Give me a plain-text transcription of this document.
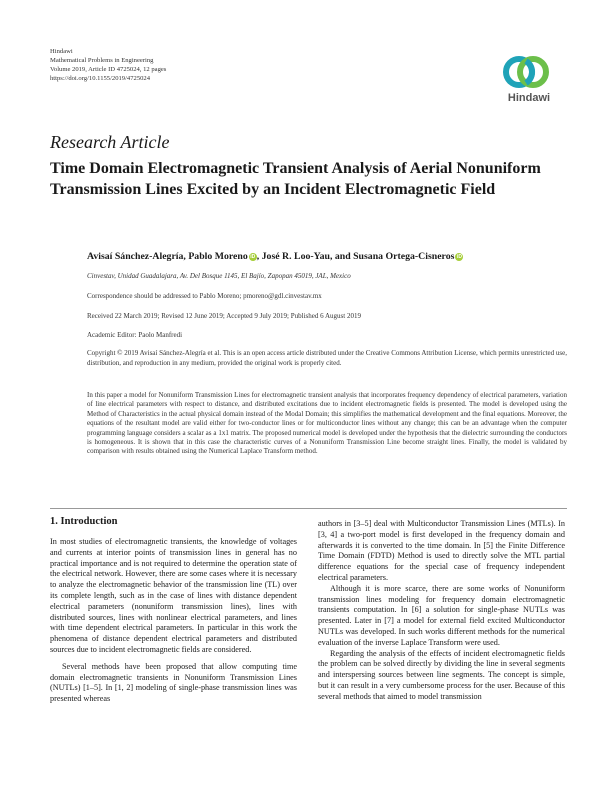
Hindawi
Mathematical Problems in Engineering
Volume 2019, Article ID 4725024, 12 pages
https://doi.org/10.1155/2019/4725024
Hindawi
Research Article
Time Domain Electromagnetic Transient Analysis of Aerial Nonuniform Transmission Lines Excited by an Incident Electromagnetic Field
Avisaí Sánchez-Alegría, Pablo Moreno iD , José R. Loo-Yau, and Susana Ortega-Cisneros iD
Cinvestav, Unidad Guadalajara, Av. Del Bosque 1145, El Bajío, Zapopan 45019, JAL, Mexico
Correspondence should be addressed to Pablo Moreno; pmoreno@gdl.cinvestav.mx
Received 22 March 2019; Revised 12 June 2019; Accepted 9 July 2019; Published 6 August 2019
Academic Editor: Paolo Manfredi
Copyright © 2019 Avisaí Sánchez-Alegría et al. This is an open access article distributed under the Creative Commons Attribution License, which permits unrestricted use, distribution, and reproduction in any medium, provided the original work is properly cited.
In this paper a model for Nonuniform Transmission Lines for electromagnetic transient analysis that incorporates frequency dependency of electrical parameters, variation of line electrical parameters with respect to distance, and distributed excitations due to incident electromagnetic fields is presented. The model is developed using the Method of Characteristics in the actual physical domain instead of the Modal Domain; this simplifies the mathematical development and the final equations. Moreover, the equations of the resultant model are valid either for two-conductor lines or for multiconductor lines without any change; this can be an advantage when the computer programming language considers a scalar as a 1x1 matrix. The proposed numerical model is developed under the hypothesis that the dielectric surrounding the conductors is homogeneous. It is shown that in this case the characteristic curves of a Nonuniform Transmission Line become straight lines. Finally, the model is validated by comparison with results obtained using the Numerical Laplace Transform method.
1. Introduction

In most studies of electromagnetic transients, the knowledge of voltages and currents at interior points of transmission lines in general has no practical importance and is not required to determine the operation state of the electrical network. However, there are some cases where it is necessary to analyze the electromagnetic behavior of the transmission line (TL) over its complete length, such as in the case of lines with distance dependent electrical parameters (nonuniform transmission lines), lines with distributed sources, lines with nonlinear electrical parameters, and lines with time dependent electrical parameters. In particular in this work the phenomena of distance dependent electrical parameters and distributed sources due to incident electromagnetic fields are considered.

Several methods have been proposed that allow computing time domain electromagnetic transients in Nonuniform Transmission Lines (NUTLs) [1–5]. In [1, 2] modeling of single-phase transmission lines was presented whereas

authors in [3–5] deal with Multiconductor Transmission Lines (MTLs). In [3, 4] a two-port model is first developed in the frequency domain and afterwards it is converted to the time domain. In [5] the Finite Difference Time Domain (FDTD) Method is used to directly solve the MTL partial difference equations for the special case of frequency independent electrical parameters.

Although it is more scarce, there are some works of Nonuniform transmission lines modeling for frequency domain electromagnetic transients computation. In [6] a solution for single-phase NUTLs was presented. Later in [7] a model for external field excited Multiconductor NUTLs was developed. In such works different methods for the numerical evaluation of the inverse Laplace Transform were used.

Regarding the analysis of the effects of incident electromagnetic fields the problem can be solved directly by dividing the line in several segments and interspersing sources between line segments. The concept is simple, but it can result in a very cumbersome process for the user. Because of this several methods that aimed to model transmission
